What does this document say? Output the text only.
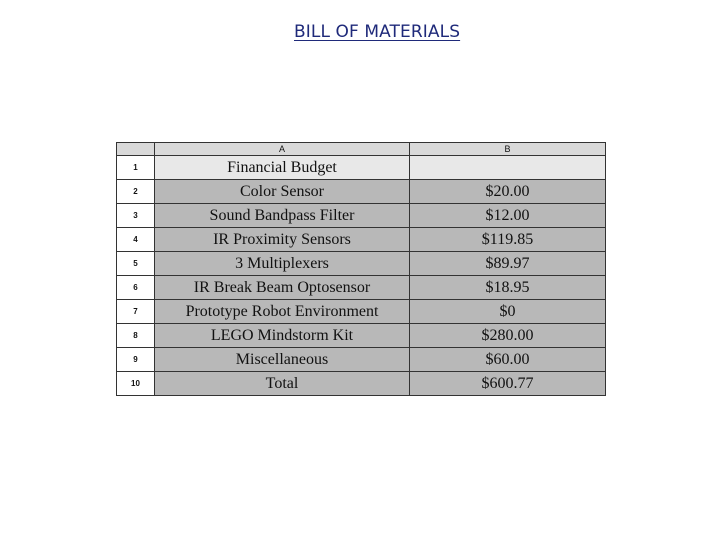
BILL OF MATERIALS
	A	B
1	Financial Budget	
2	Color Sensor	$20.00
3	Sound Bandpass Filter	$12.00
4	IR Proximity Sensors	$119.85
5	3 Multiplexers	$89.97
6	IR Break Beam Optosensor	$18.95
7	Prototype Robot Environment	$0
8	LEGO Mindstorm Kit	$280.00
9	Miscellaneous	$60.00
10	Total	$600.77
